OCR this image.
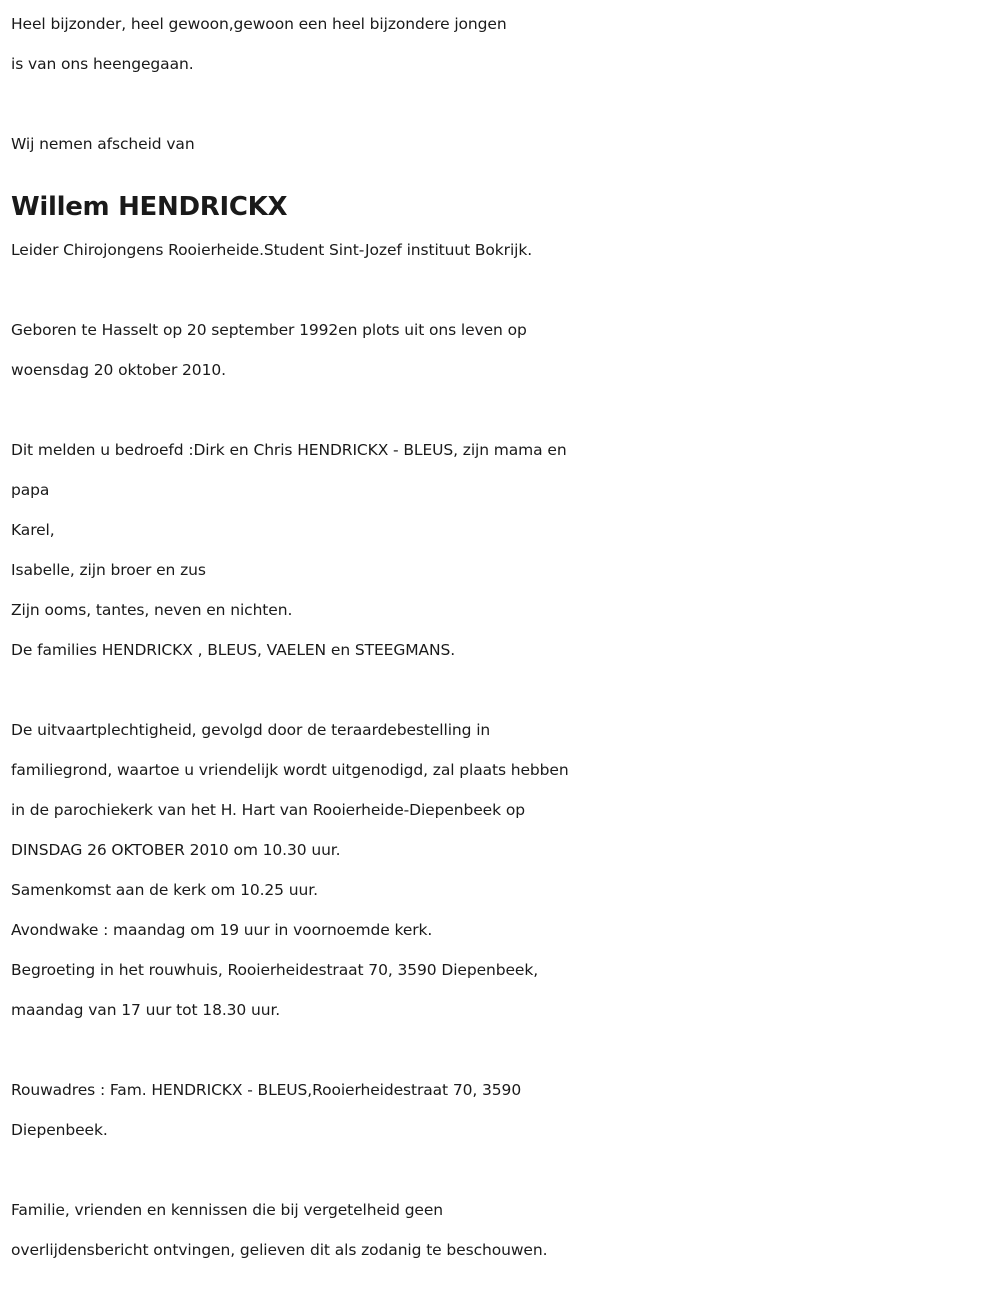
Heel bijzonder, heel gewoon,gewoon een heel bijzondere jongen
is van ons heengegaan.
Wij nemen afscheid van
Willem HENDRICKX
Leider Chirojongens Rooierheide.Student Sint-Jozef instituut Bokrijk.
Geboren te Hasselt op 20 september 1992en plots uit ons leven op
woensdag 20 oktober 2010.
Dit melden u bedroefd :Dirk en Chris HENDRICKX - BLEUS, zijn mama en
papa
Karel,
Isabelle, zijn broer en zus
Zijn ooms, tantes, neven en nichten.
De families HENDRICKX , BLEUS, VAELEN en STEEGMANS.
De uitvaartplechtigheid, gevolgd door de teraardebestelling in
familiegrond, waartoe u vriendelijk wordt uitgenodigd, zal plaats hebben
in de parochiekerk van het H. Hart van Rooierheide-Diepenbeek op
DINSDAG 26 OKTOBER 2010 om 10.30 uur.
Samenkomst aan de kerk om 10.25 uur.
Avondwake : maandag om 19 uur in voornoemde kerk.
Begroeting in het rouwhuis, Rooierheidestraat 70, 3590 Diepenbeek,
maandag van 17 uur tot 18.30 uur.
Rouwadres : Fam. HENDRICKX - BLEUS,Rooierheidestraat 70, 3590
Diepenbeek.
Familie, vrienden en kennissen die bij vergetelheid geen
overlijdensbericht ontvingen, gelieven dit als zodanig te beschouwen.
